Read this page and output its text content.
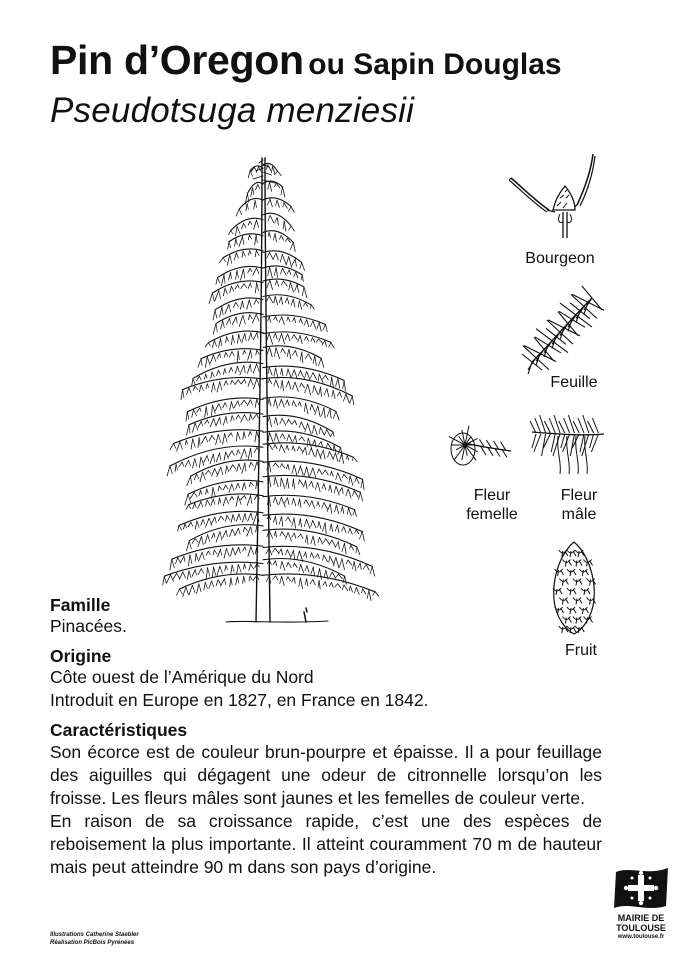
Pin d’Oregon ou Sapin Douglas
Pseudotsuga menziesii
Bourgeon
Feuille
Fleur
femelle
Fleur
mâle
Fruit
Famille
Pinacées.
Origine
Côte ouest de l’Amérique du Nord
Introduit en Europe en 1827, en France en 1842.
Caractéristiques

Son écorce est de couleur brun-pourpre et épaisse. Il a pour feuillage des aiguilles qui dégagent une odeur de citronnelle lorsqu’on les froisse. Les fleurs mâles sont jaunes et les femelles de couleur verte.

En raison de sa croissance rapide, c’est une des espèces de reboisement la plus importante. Il atteint couramment 70 m de hauteur mais peut atteindre 90 m dans son pays d’origine.

Illustrations Catherine Staebler
Réalisation PicBois Pyrénées
MAIRIE DE
TOULOUSE
www.toulouse.fr
